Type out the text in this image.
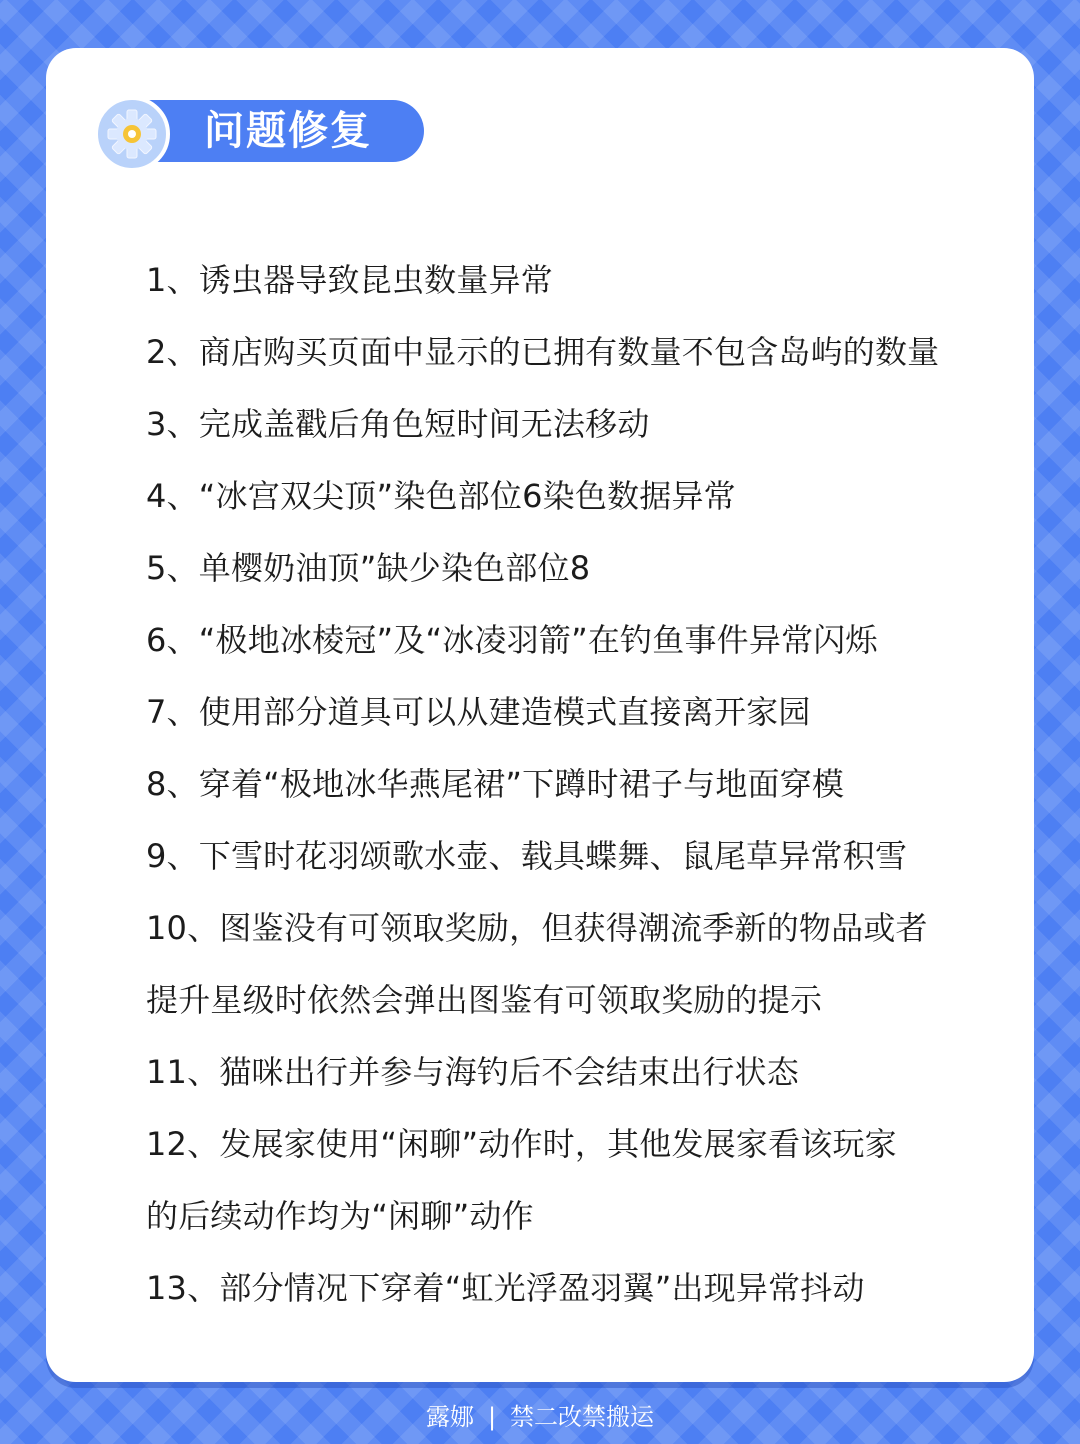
问题修复
1、诱虫器导致昆虫数量异常
2、商店购买页面中显示的已拥有数量不包含岛屿的数量
3、完成盖戳后角色短时间无法移动
4、“冰宫双尖顶”染色部位6染色数据异常
5、单樱奶油顶”缺少染色部位8
6、“极地冰棱冠”及“冰凌羽箭”在钓鱼事件异常闪烁
7、使用部分道具可以从建造模式直接离开家园
8、穿着“极地冰华燕尾裙”下蹲时裙子与地面穿模
9、下雪时花羽颂歌水壶、载具蝶舞、鼠尾草异常积雪
10、图鉴没有可领取奖励，但获得潮流季新的物品或者
提升星级时依然会弹出图鉴有可领取奖励的提示
11、猫咪出行并参与海钓后不会结束出行状态
12、发展家使用“闲聊”动作时，其他发展家看该玩家
的后续动作均为“闲聊”动作
13、部分情况下穿着“虹光浮盈羽翼”出现异常抖动
露娜 | 禁二改禁搬运
